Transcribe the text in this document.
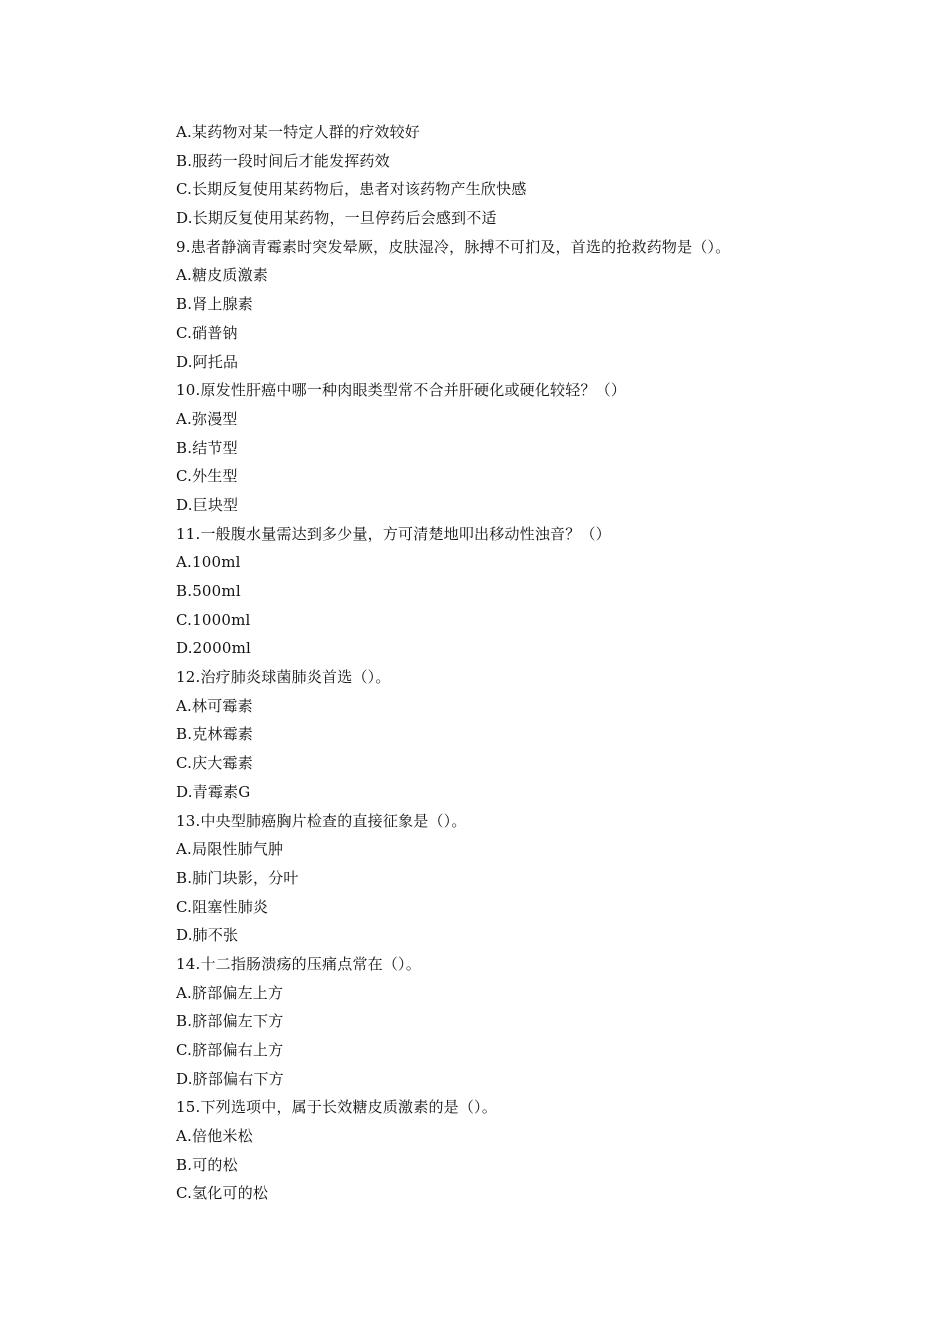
A.某药物对某一特定人群的疗效较好
B.服药一段时间后才能发挥药效
C.长期反复使用某药物后，患者对该药物产生欣快感
D.长期反复使用某药物，一旦停药后会感到不适
9.患者静滴青霉素时突发晕厥，皮肤湿冷，脉搏不可扪及，首选的抢救药物是（）。
A.糖皮质激素
B.肾上腺素
C.硝普钠
D.阿托品
10.原发性肝癌中哪一种肉眼类型常不合并肝硬化或硬化较轻？（）
A.弥漫型
B.结节型
C.外生型
D.巨块型
11.一般腹水量需达到多少量，方可清楚地叩出移动性浊音？（）
A.100ml
B.500ml
C.1000ml
D.2000ml
12.治疗肺炎球菌肺炎首选（）。
A.林可霉素
B.克林霉素
C.庆大霉素
D.青霉素G
13.中央型肺癌胸片检查的直接征象是（）。
A.局限性肺气肿
B.肺门块影，分叶
C.阻塞性肺炎
D.肺不张
14.十二指肠溃疡的压痛点常在（）。
A.脐部偏左上方
B.脐部偏左下方
C.脐部偏右上方
D.脐部偏右下方
15.下列选项中，属于长效糖皮质激素的是（）。
A.倍他米松
B.可的松
C.氢化可的松
